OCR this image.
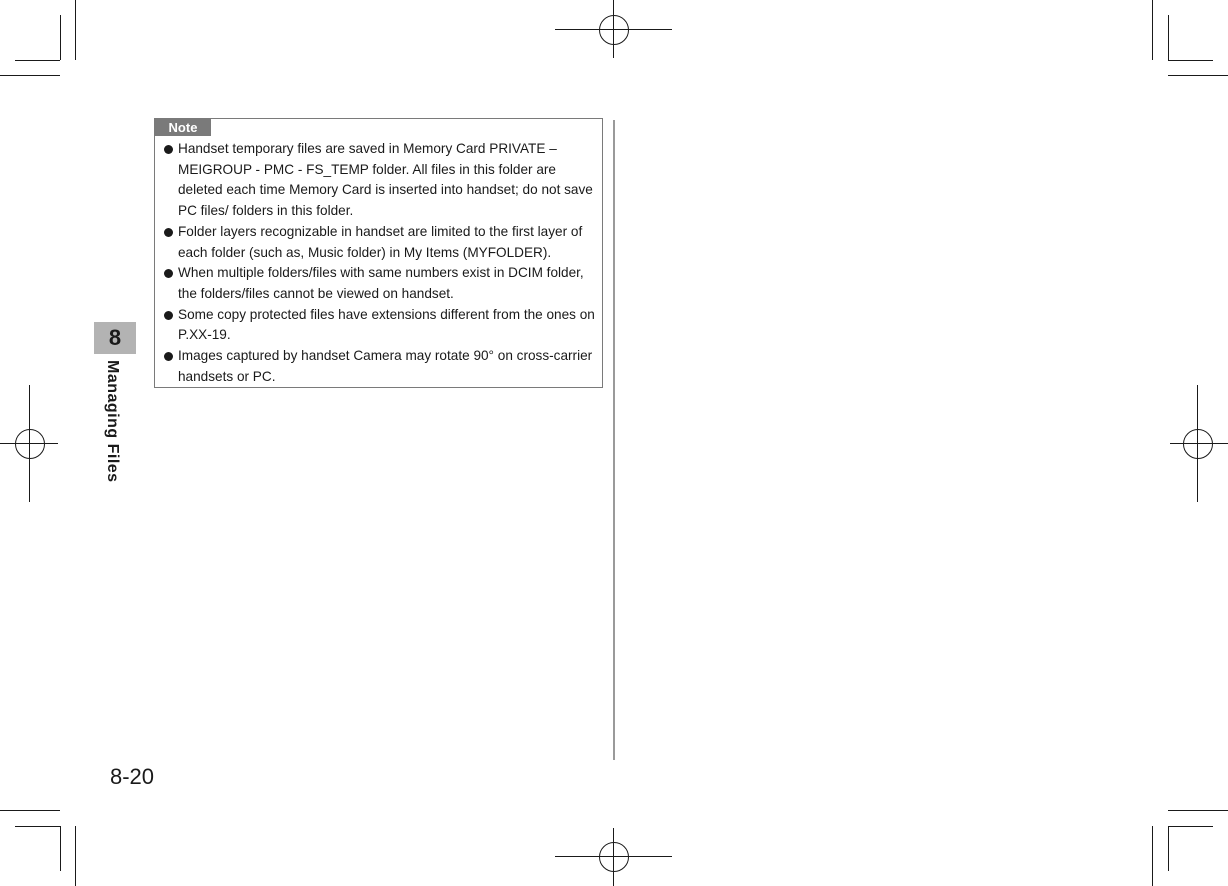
8
Managing Files
Note
Handset temporary files are saved in Memory Card PRIVATE – MEIGROUP - PMC - FS_TEMP folder. All files in this folder are deleted each time Memory Card is inserted into handset; do not save PC files/ folders in this folder.
Folder layers recognizable in handset are limited to the first layer of each folder (such as, Music folder) in My Items (MYFOLDER).
When multiple folders/files with same numbers exist in DCIM folder, the folders/files cannot be viewed on handset.
Some copy protected files have extensions different from the ones on P.XX-19.
Images captured by handset Camera may rotate 90° on cross-carrier handsets or PC.
8-20
